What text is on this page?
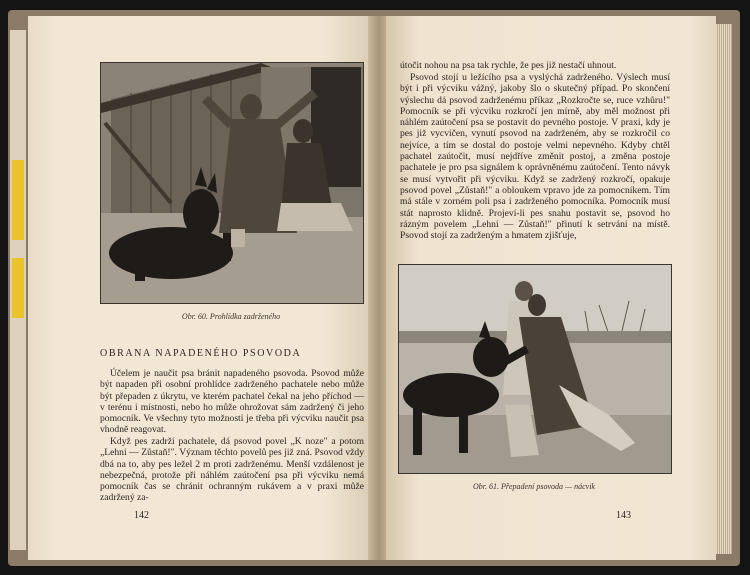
Obr. 60. Prohlídka zadrženého
OBRANA NAPADENÉHO PSOVODA

Účelem je naučit psa bránit napadeného psovoda. Psovod může být napaden při osobní prohlídce zadrženého pachatele nebo může být přepaden z úkrytu, ve kterém pachatel čekal na jeho příchod — v terénu i místnosti, nebo ho může ohrožovat sám zadržený či jeho pomocník. Ve všechny tyto možnosti je třeba při výcviku naučit psa vhodně reagovat.

Když pes zadrží pachatele, dá psovod povel „K noze" a potom „Lehni — Zůstaň!". Význam těchto povelů pes již zná. Psovod vždy dbá na to, aby pes ležel 2 m proti zadrženému. Menší vzdálenost je nebezpečná, protože při náhlém zaútočení psa při výcviku nemá pomocník čas se chránit ochranným rukávem a v praxi může zadržený za-

142

útočit nohou na psa tak rychle, že pes již nestačí uhnout.

Psovod stojí u ležícího psa a vyslýchá zadrženého. Výslech musí být i při výcviku vážný, jakoby šlo o skutečný případ. Po skončení výslechu dá psovod zadrženému příkaz „Rozkročte se, ruce vzhůru!" Pomocník se při výcviku rozkročí jen mírně, aby měl možnost při náhlém zaútočení psa se postavit do pevného postoje. V praxi, kdy je pes již vycvičen, vynutí psovod na zadrženém, aby se rozkročil co nejvíce, a tím se dostal do postoje velmi nepevného. Kdyby chtěl pachatel zaútočit, musí nejdříve změnit postoj, a změna postoje pachatele je pro psa signálem k oprávněnému zaútočení. Tento návyk se musí vytvořit při výcviku. Když se zadržený rozkročí, opakuje psovod povel „Zůstaň!" a obloukem vpravo jde za pomocníkem. Tím má stále v zorném poli psa i zadrženého pomocníka. Pomocník musí stát naprosto klidně. Projeví-li pes snahu postavit se, psovod ho rázným povelem „Lehni — Zůstaň!" přinutí k setrvání na místě. Psovod stojí za zadrženým a hmatem zjišťuje,

Obr. 61. Přepadení psovoda — nácvik
143
